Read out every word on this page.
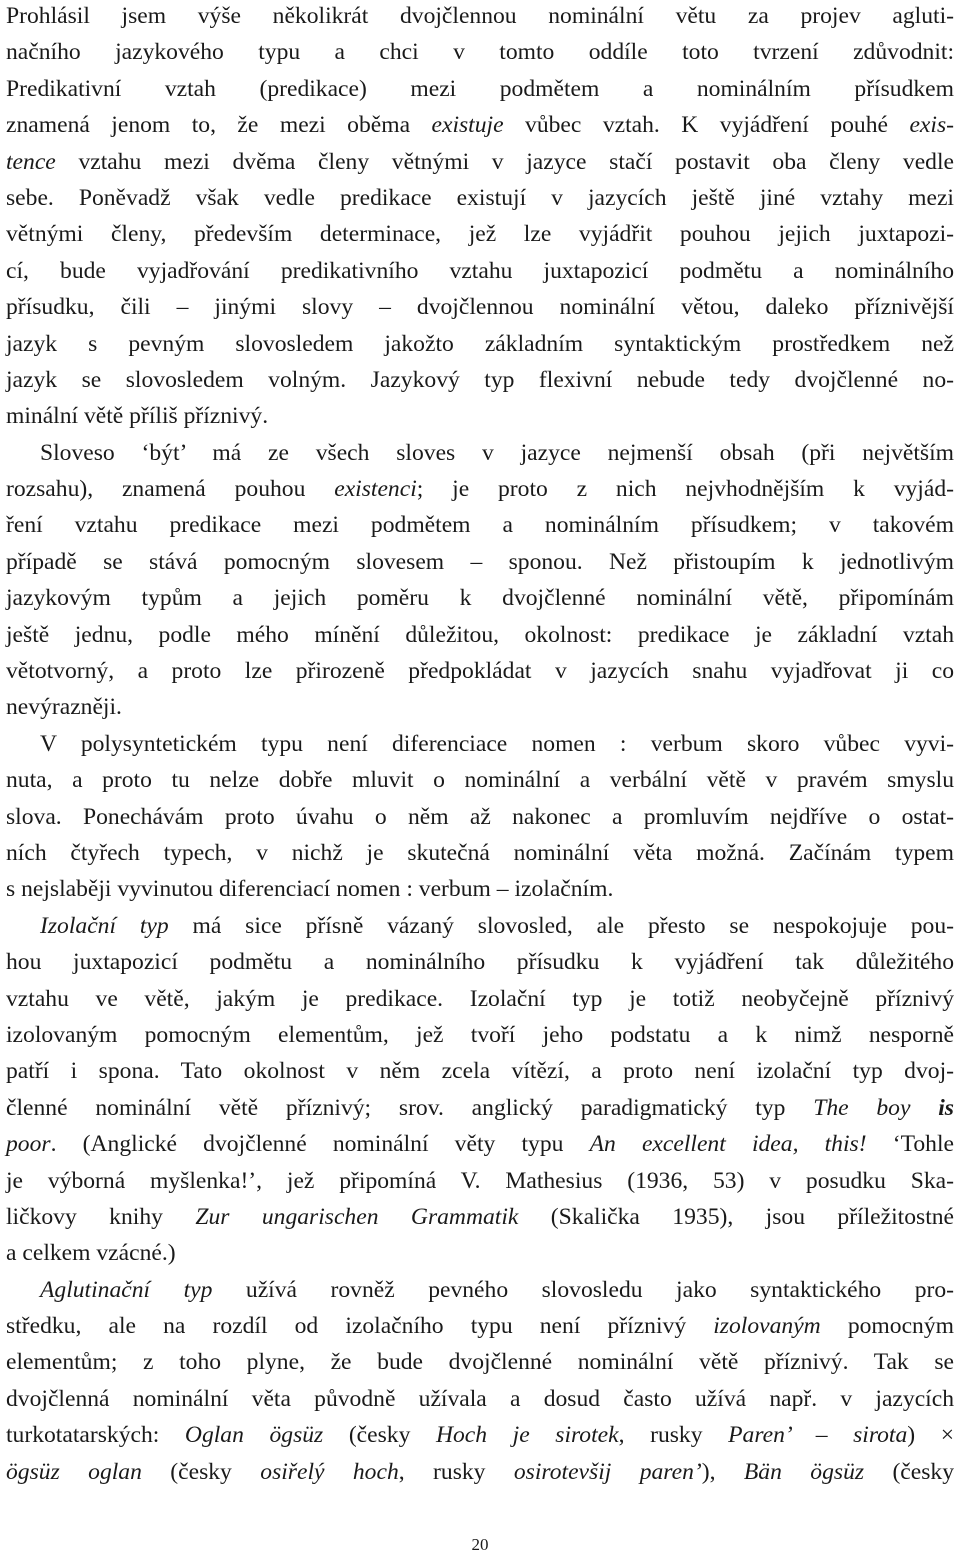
Prohlásil jsem výše několikrát dvojčlennou nominální větu za projev agluti-
načního jazykového typu a chci v tomto oddíle toto tvrzení zdůvodnit:
Predikativní vztah (predikace) mezi podmětem a nominálním přísudkem
znamená jenom to, že mezi oběma existuje vůbec vztah. K vyjádření pouhé exis-
tence vztahu mezi dvěma členy větnými v jazyce stačí postavit oba členy vedle
sebe. Poněvadž však vedle predikace existují v jazycích ještě jiné vztahy mezi
větnými členy, především determinace, jež lze vyjádřit pouhou jejich juxtapozi-
cí, bude vyjadřování predikativního vztahu juxtapozicí podmětu a nominálního
přísudku, čili – jinými slovy – dvojčlennou nominální větou, daleko příznivější
jazyk s pevným slovosledem jakožto základním syntaktickým prostředkem než
jazyk se slovosledem volným. Jazykový typ flexivní nebude tedy dvojčlenné no-
minální větě příliš příznivý.
Sloveso ‘být’ má ze všech sloves v jazyce nejmenší obsah (při největším
rozsahu), znamená pouhou existenci; je proto z nich nejvhodnějším k vyjád-
ření vztahu predikace mezi podmětem a nominálním přísudkem; v takovém
případě se stává pomocným slovesem – sponou. Než přistoupím k jednotlivým
jazykovým typům a jejich poměru k dvojčlenné nominální větě, připomínám
ještě jednu, podle mého mínění důležitou, okolnost: predikace je základní vztah
větotvorný, a proto lze přirozeně předpokládat v jazycích snahu vyjadřovat ji co
nevýrazněji.
V polysyntetickém typu není diferenciace nomen : verbum skoro vůbec vyvi-
nuta, a proto tu nelze dobře mluvit o nominální a verbální větě v pravém smyslu
slova. Ponechávám proto úvahu o něm až nakonec a promluvím nejdříve o ostat-
ních čtyřech typech, v nichž je skutečná nominální věta možná. Začínám typem
s nejslaběji vyvinutou diferenciací nomen : verbum – izolačním.
Izolační typ má sice přísně vázaný slovosled, ale přesto se nespokojuje pou-
hou juxtapozicí podmětu a nominálního přísudku k vyjádření tak důležitého
vztahu ve větě, jakým je predikace. Izolační typ je totiž neobyčejně příznivý
izolovaným pomocným elementům, jež tvoří jeho podstatu a k nimž nesporně
patří i spona. Tato okolnost v něm zcela vítězí, a proto není izolační typ dvoj-
členné nominální větě příznivý; srov. anglický paradigmatický typ The boy is
poor. (Anglické dvojčlenné nominální věty typu An excellent idea, this! ‘Tohle
je výborná myšlenka!’, jež připomíná V. Mathesius (1936, 53) v posudku Ska-
ličkovy knihy Zur ungarischen Grammatik (Skalička 1935), jsou příležitostné
a celkem vzácné.)
Aglutinační typ užívá rovněž pevného slovosledu jako syntaktického pro-
středku, ale na rozdíl od izolačního typu není příznivý izolovaným pomocným
elementům; z toho plyne, že bude dvojčlenné nominální větě příznivý. Tak se
dvojčlenná nominální věta původně užívala a dosud často užívá např. v jazycích
turkotatarských: Oglan ögsüz (česky Hoch je sirotek, rusky Paren’ – sirota) ×
ögsüz oglan (česky osiřelý hoch, rusky osirotevšij paren’), Bän ögsüz (česky
20
